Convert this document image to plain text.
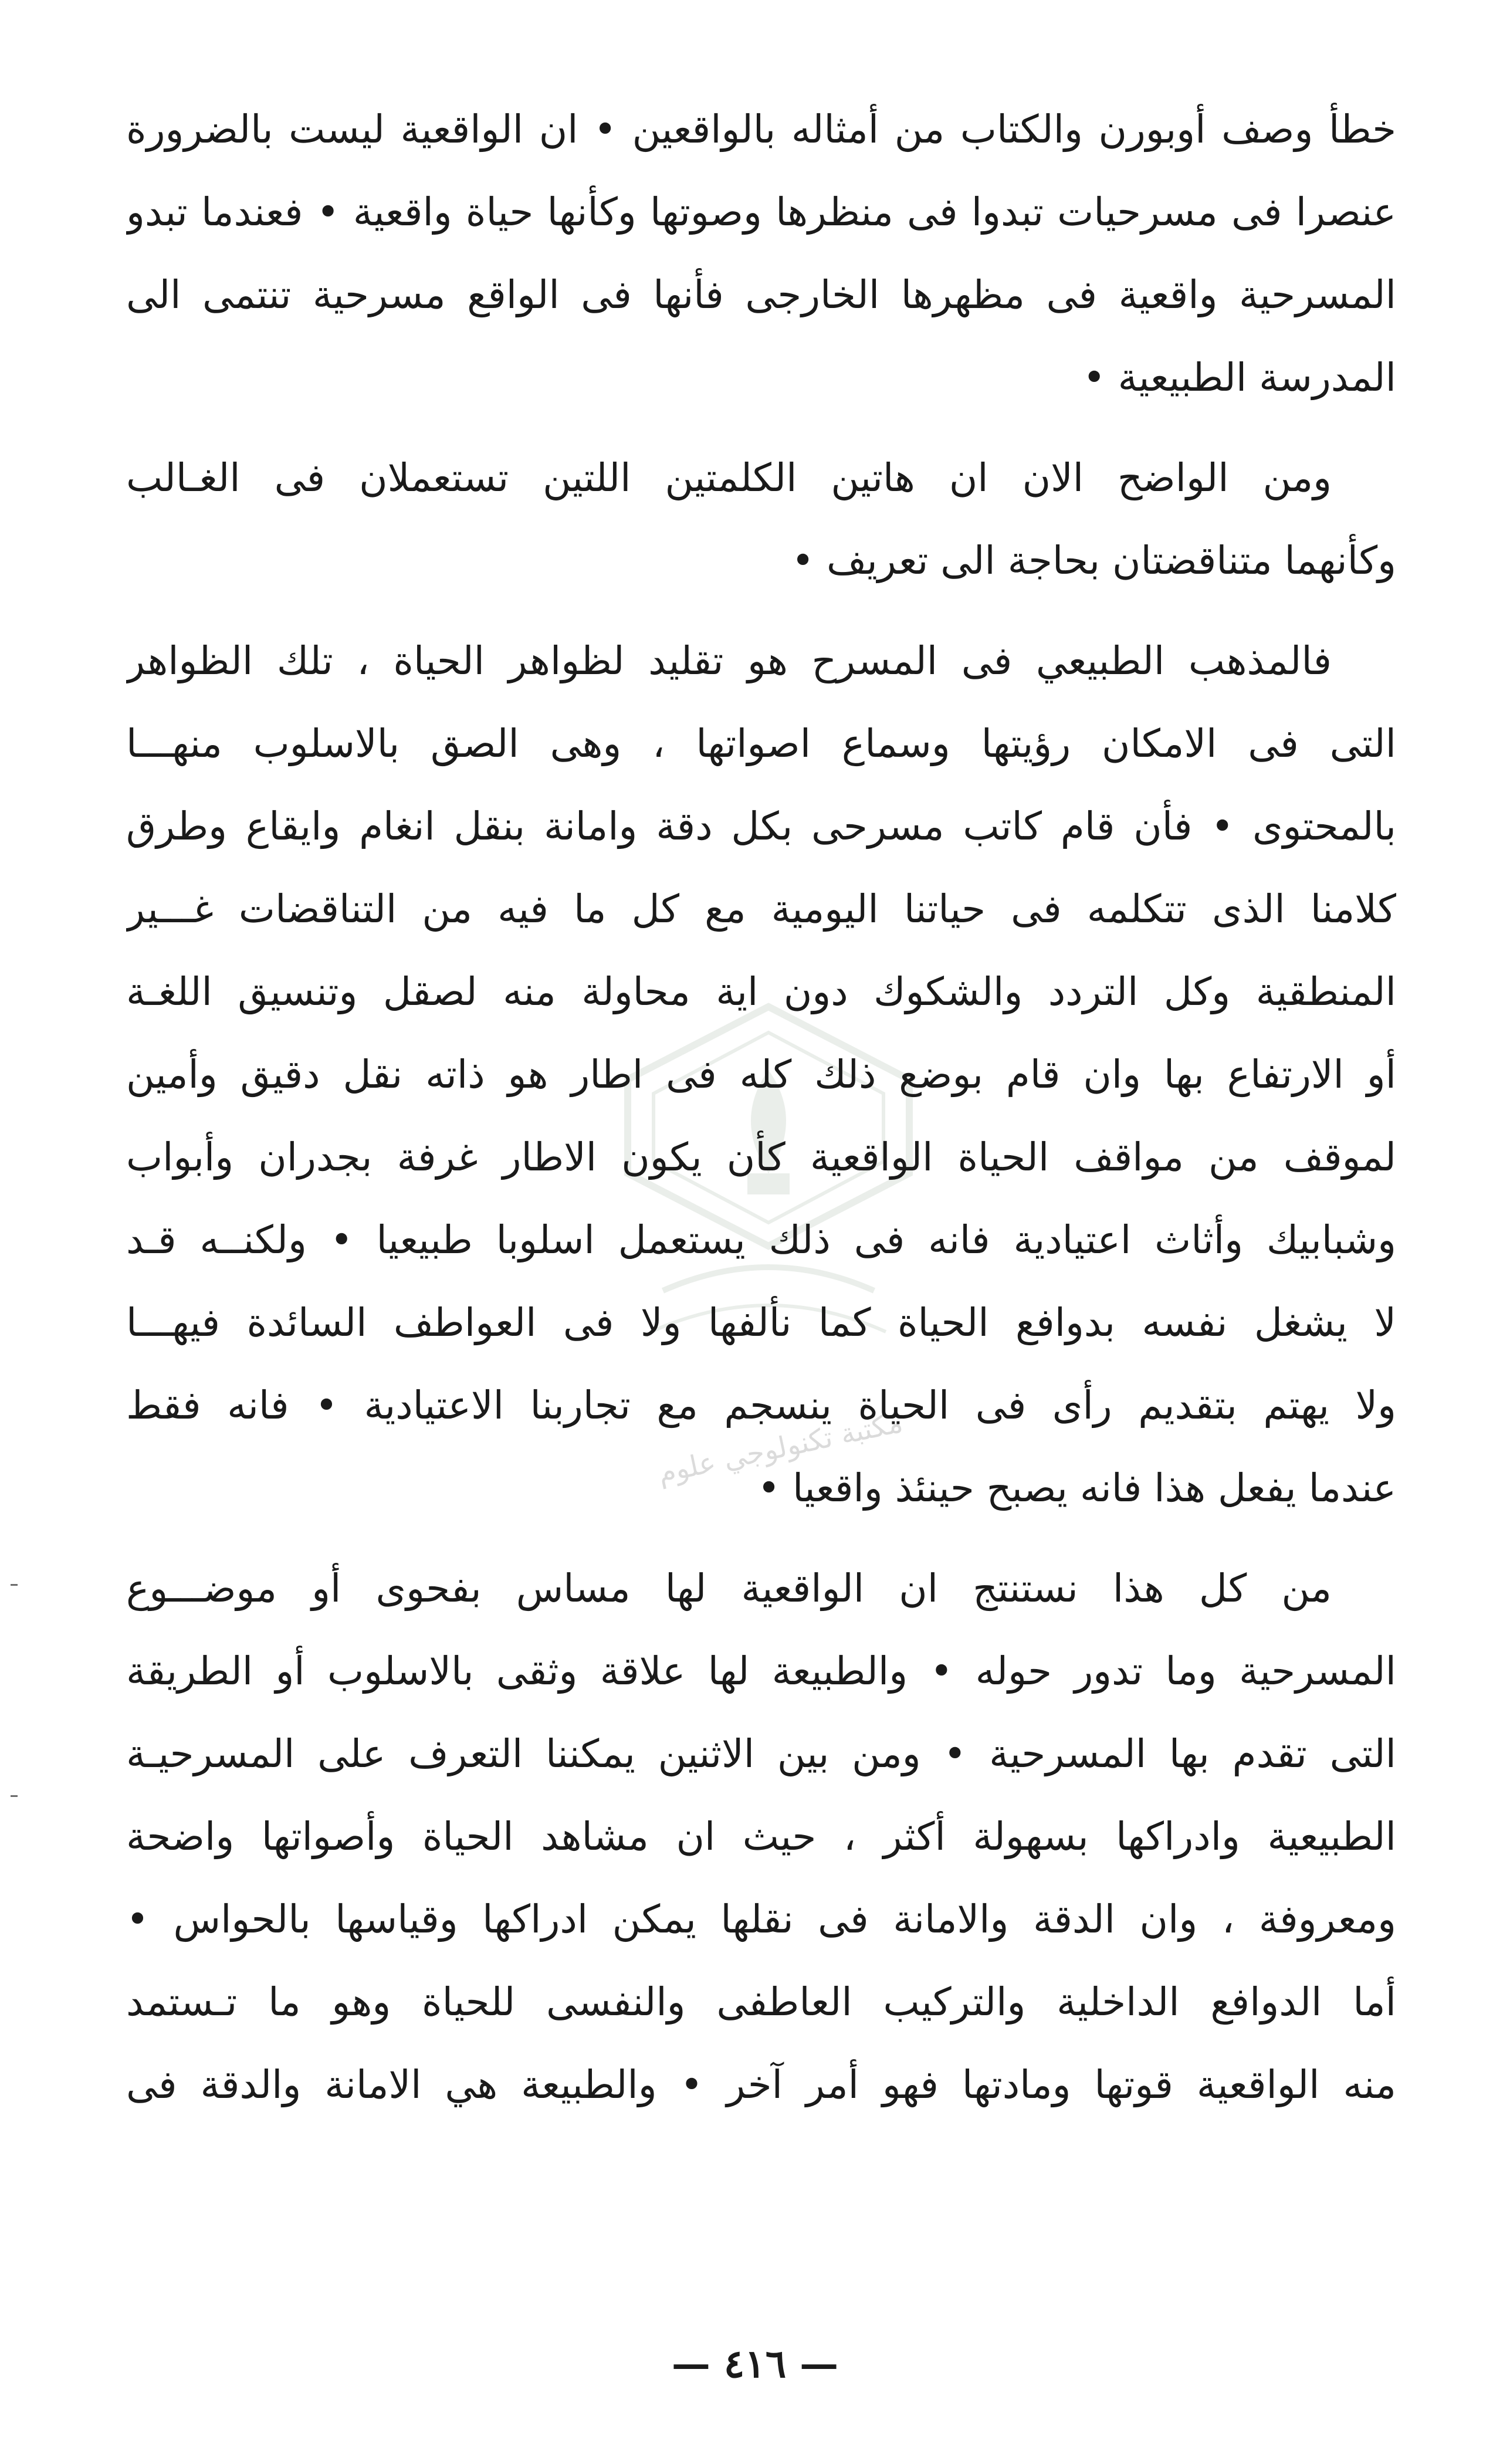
مكتبة تكنولوجي علوم
خطأ وصف أوبورن والكتاب من أمثاله بالواقعين • ان الواقعية ليست بالضرورة
عنصرا فى مسرحيات تبدوا فى منظرها وصوتها وكأنها حياة واقعية • فعندما تبدو
المسرحية واقعية فى مظهرها الخارجى فأنها فى الواقع مسرحية تنتمى الى
المدرسة الطبيعية •
ومن الواضح الان ان هاتين الكلمتين اللتين تستعملان فى الغـالب
وكأنهما متناقضتان بحاجة الى تعريف •
فالمذهب الطبيعي فى المسرح هو تقليد لظواهر الحياة ، تلك الظواهر
التى فى الامكان رؤيتها وسماع اصواتها ، وهى الصق بالاسلوب منهـــا
بالمحتوى • فأن قام كاتب مسرحى بكل دقة وامانة بنقل انغام وايقاع وطرق
كلامنا الذى تتكلمه فى حياتنا اليومية مع كل ما فيه من التناقضات غـــير
المنطقية وكل التردد والشكوك دون اية محاولة منه لصقل وتنسيق اللغـة
أو الارتفاع بها وان قام بوضع ذلك كله فى اطار هو ذاته نقل دقيق وأمين
لموقف من مواقف الحياة الواقعية كأن يكون الاطار غرفة بجدران وأبواب
وشبابيك وأثاث اعتيادية فانه فى ذلك يستعمل اسلوبا طبيعيا • ولكنــه قـد
لا يشغل نفسه بدوافع الحياة كما نألفها ولا فى العواطف السائدة فيهـــا
ولا يهتم بتقديم رأى فى الحياة ينسجم مع تجاربنا الاعتيادية • فانه فقط
عندما يفعل هذا فانه يصبح حينئذ واقعيا •
من كل هذا نستنتج ان الواقعية لها مساس بفحوى أو موضـــوع
المسرحية وما تدور حوله • والطبيعة لها علاقة وثقى بالاسلوب أو الطريقة
التى تقدم بها المسرحية • ومن بين الاثنين يمكننا التعرف على المسرحيـة
الطبيعية وادراكها بسهولة أكثر ، حيث ان مشاهد الحياة وأصواتها واضحة
ومعروفة ، وان الدقة والامانة فى نقلها يمكن ادراكها وقياسها بالحواس •
أما الدوافع الداخلية والتركيب العاطفى والنفسى للحياة وهو ما تـستمد
منه الواقعية قوتها ومادتها فهو أمر آخر • والطبيعة هي الامانة والدقة فى
— ٤١٦ —
